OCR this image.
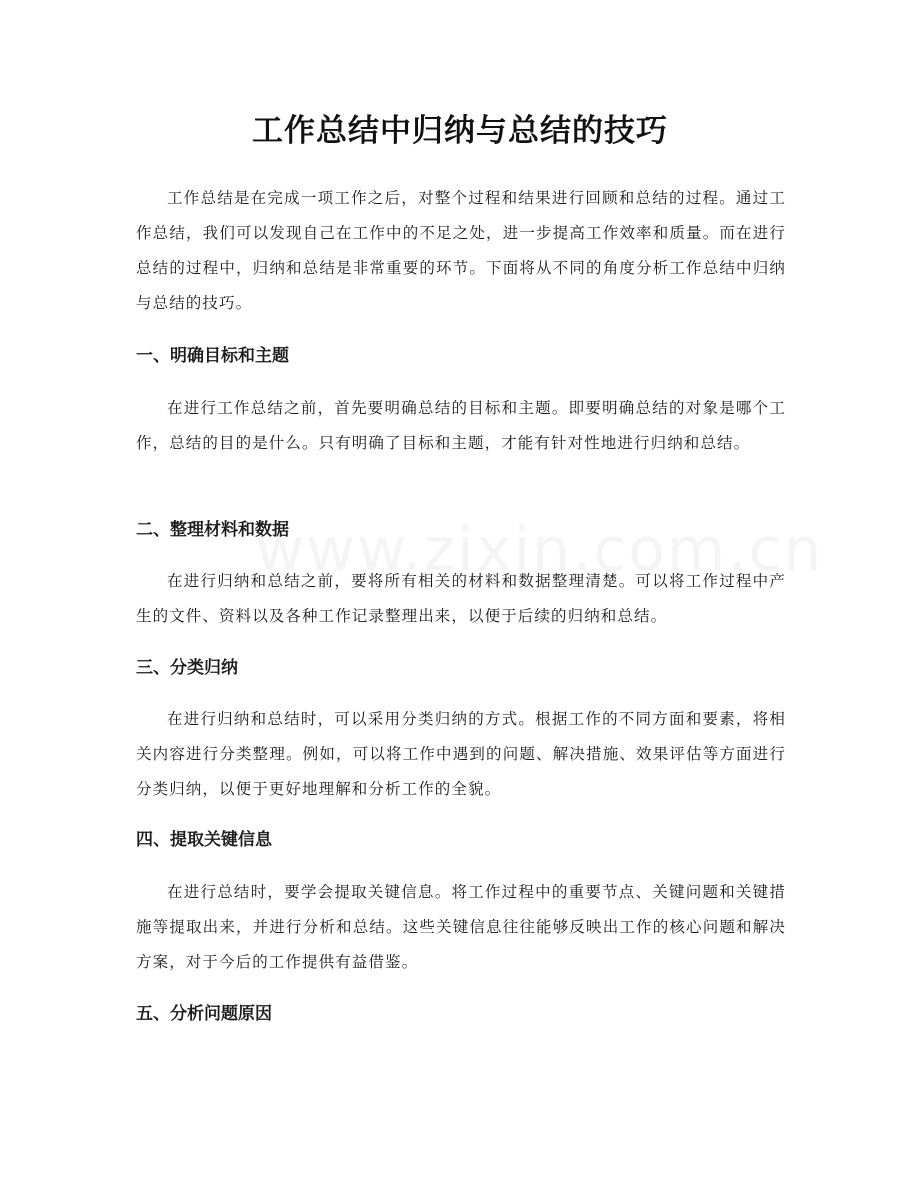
工作总结中归纳与总结的技巧

工作总结是在完成一项工作之后，对整个过程和结果进行回顾和总结的过程。通过工作总结，我们可以发现自己在工作中的不足之处，进一步提高工作效率和质量。而在进行总结的过程中，归纳和总结是非常重要的环节。下面将从不同的角度分析工作总结中归纳与总结的技巧。

一、明确目标和主题

在进行工作总结之前，首先要明确总结的目标和主题。即要明确总结的对象是哪个工作，总结的目的是什么。只有明确了目标和主题，才能有针对性地进行归纳和总结。

二、整理材料和数据

在进行归纳和总结之前，要将所有相关的材料和数据整理清楚。可以将工作过程中产生的文件、资料以及各种工作记录整理出来，以便于后续的归纳和总结。

三、分类归纳

在进行归纳和总结时，可以采用分类归纳的方式。根据工作的不同方面和要素，将相关内容进行分类整理。例如，可以将工作中遇到的问题、解决措施、效果评估等方面进行分类归纳，以便于更好地理解和分析工作的全貌。

四、提取关键信息

在进行总结时，要学会提取关键信息。将工作过程中的重要节点、关键问题和关键措施等提取出来，并进行分析和总结。这些关键信息往往能够反映出工作的核心问题和解决方案，对于今后的工作提供有益借鉴。

五、分析问题原因
